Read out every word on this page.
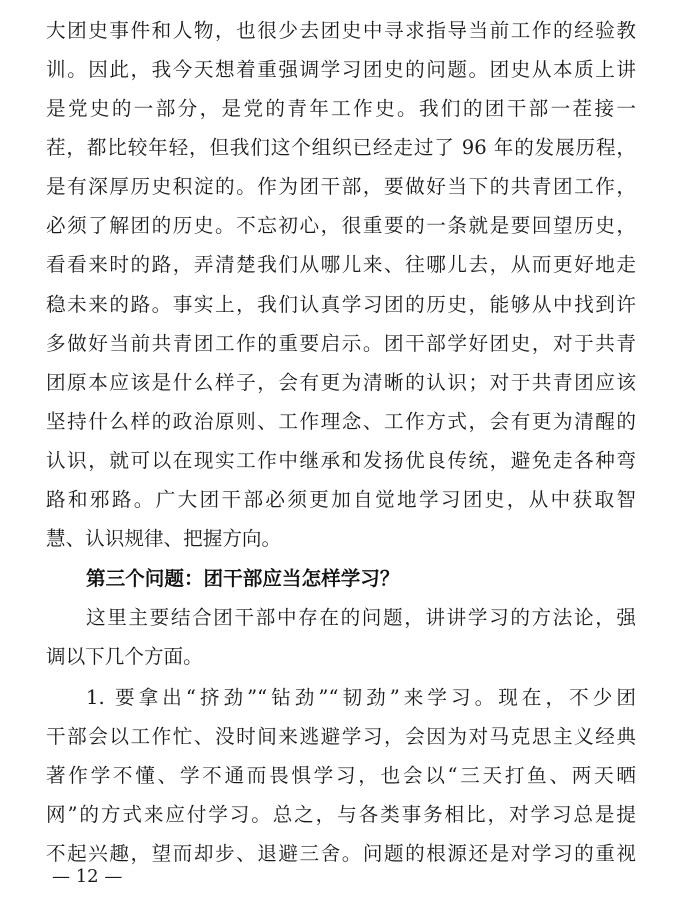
大团史事件和人物，也很少去团史中寻求指导当前工作的经验教
训。因此，我今天想着重强调学习团史的问题。团史从本质上讲
是党史的一部分，是党的青年工作史。我们的团干部一茬接一
茬，都比较年轻，但我们这个组织已经走过了 96 年的发展历程，
是有深厚历史积淀的。作为团干部，要做好当下的共青团工作，
必须了解团的历史。不忘初心，很重要的一条就是要回望历史，
看看来时的路，弄清楚我们从哪儿来、往哪儿去，从而更好地走
稳未来的路。事实上，我们认真学习团的历史，能够从中找到许
多做好当前共青团工作的重要启示。团干部学好团史，对于共青
团原本应该是什么样子，会有更为清晰的认识；对于共青团应该
坚持什么样的政治原则、工作理念、工作方式，会有更为清醒的
认识，就可以在现实工作中继承和发扬优良传统，避免走各种弯
路和邪路。广大团干部必须更加自觉地学习团史，从中获取智
慧、认识规律、把握方向。
第三个问题：团干部应当怎样学习？
这里主要结合团干部中存在的问题，讲讲学习的方法论，强
调以下几个方面。
1. 要拿出“挤劲”“钻劲”“韧劲”来学习。现在，不少团
干部会以工作忙、没时间来逃避学习，会因为对马克思主义经典
著作学不懂、学不通而畏惧学习，也会以“三天打鱼、两天晒
网”的方式来应付学习。总之，与各类事务相比，对学习总是提
不起兴趣，望而却步、退避三舍。问题的根源还是对学习的重视
— 12 —
